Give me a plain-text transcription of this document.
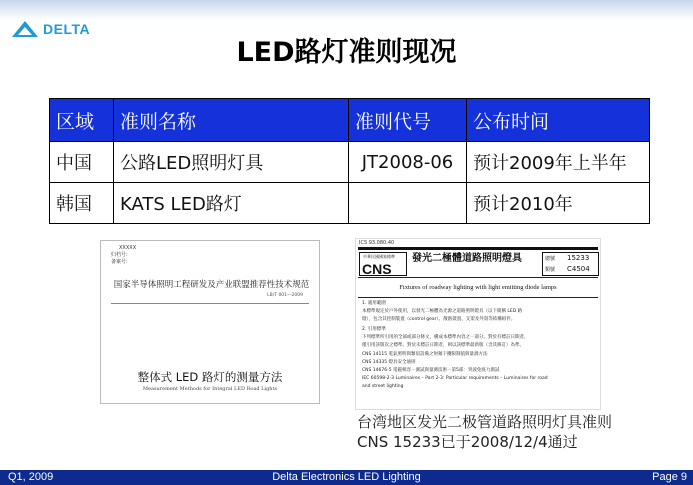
DELTA
LED路灯准则现况
区域	准则名称	准则代号	公布时间
中国	公路LED照明灯具	JT2008-06	预计2009年上半年
韩国	KATS LED路灯		预计2010年
XXXXX
归档号:
备案号:
国家半导体照明工程研发及产业联盟推荐性技术规范
LB/T 001—2009
整体式 LED 路灯的测量方法
Measurement Methods for Integral LED Road Lights
ICS 93.080.40
中華民國國家標準
CNS
發光二極體道路照明燈具	總號 15233
類號 C4504
Fixtures of roadway lighting with light emitting diode lamps
1. 適用範圍
本標準規定於戶外使用，以發光二極體為光源之道路照明燈具（以下簡稱 LED 路
燈），包含其控制裝置（control gear）、散熱裝置、支架及外殼等結構組件。
2. 引用標準
下列標準所引用的全部或部分條文，構成本標準內容之一部分。對於有標註日期者，
僅引用該版次之標準。對於未標註日期者，則以該標準最新版（含其修訂）為準。
CNS 14115 電氣照明與類似設備之射頻干擾限制值與量測方法
CNS 14335 燈具安全通則
CNS 14676-5 電磁相容－測試與量測技術－第5部：突波免疫力測試
IEC 60598-2-3 Luminaires – Part 2-3: Particular requirements – Luminaires for road
and street lighting
台湾地区发光二极管道路照明灯具准则CNS 15233已于2008/12/4通过
Q1, 2009	Delta Electronics LED Lighting	Page 9
